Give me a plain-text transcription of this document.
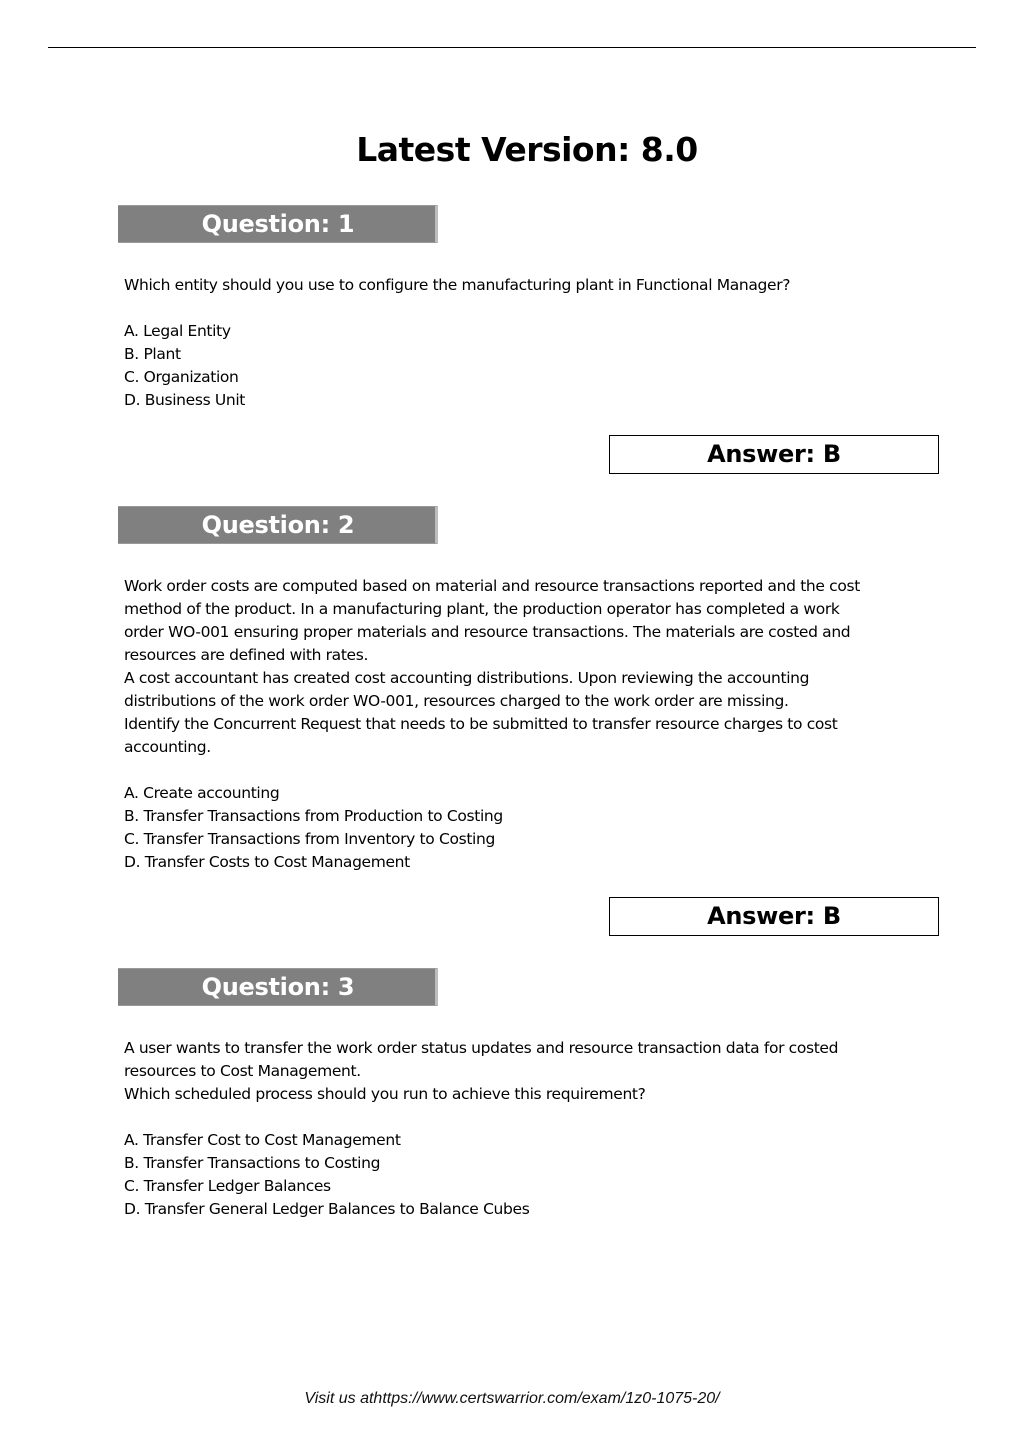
Latest Version: 8.0
Question: 1

Which entity should you use to configure the manufacturing plant in Functional Manager?

A. Legal Entity

B. Plant

C. Organization

D. Business Unit

Answer: B
Question: 2

Work order costs are computed based on material and resource transactions reported and the cost

method of the product. In a manufacturing plant, the production operator has completed a work

order WO-001 ensuring proper materials and resource transactions. The materials are costed and

resources are defined with rates.

A cost accountant has created cost accounting distributions. Upon reviewing the accounting

distributions of the work order WO-001, resources charged to the work order are missing.

Identify the Concurrent Request that needs to be submitted to transfer resource charges to cost

accounting.

A. Create accounting

B. Transfer Transactions from Production to Costing

C. Transfer Transactions from Inventory to Costing

D. Transfer Costs to Cost Management

Answer: B
Question: 3

A user wants to transfer the work order status updates and resource transaction data for costed

resources to Cost Management.

Which scheduled process should you run to achieve this requirement?

A. Transfer Cost to Cost Management

B. Transfer Transactions to Costing

C. Transfer Ledger Balances

D. Transfer General Ledger Balances to Balance Cubes

Visit us athttps://www.certswarrior.com/exam/1z0-1075-20/
